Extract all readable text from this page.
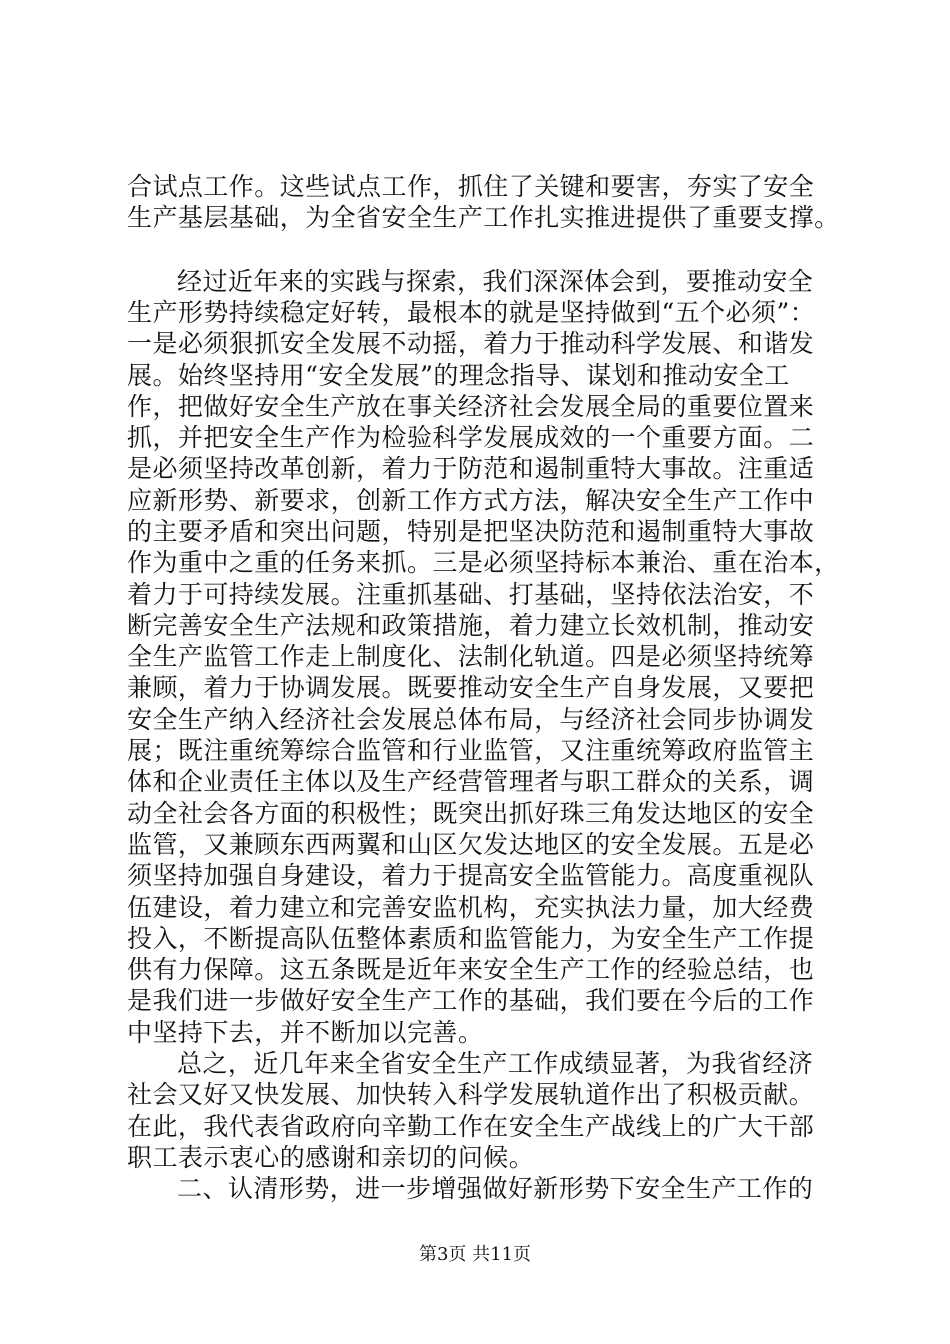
合试点工作。这些试点工作，抓住了关键和要害，夯实了安全
生产基层基础，为全省安全生产工作扎实推进提供了重要支撑。
经过近年来的实践与探索，我们深深体会到，要推动安全
生产形势持续稳定好转，最根本的就是坚持做到“五个必须”：
一是必须狠抓安全发展不动摇，着力于推动科学发展、和谐发
展。始终坚持用“安全发展”的理念指导、谋划和推动安全工
作，把做好安全生产放在事关经济社会发展全局的重要位置来
抓，并把安全生产作为检验科学发展成效的一个重要方面。二
是必须坚持改革创新，着力于防范和遏制重特大事故。注重适
应新形势、新要求，创新工作方式方法，解决安全生产工作中
的主要矛盾和突出问题，特别是把坚决防范和遏制重特大事故
作为重中之重的任务来抓。三是必须坚持标本兼治、重在治本，
着力于可持续发展。注重抓基础、打基础，坚持依法治安，不
断完善安全生产法规和政策措施，着力建立长效机制，推动安
全生产监管工作走上制度化、法制化轨道。四是必须坚持统筹
兼顾，着力于协调发展。既要推动安全生产自身发展，又要把
安全生产纳入经济社会发展总体布局，与经济社会同步协调发
展；既注重统筹综合监管和行业监管，又注重统筹政府监管主
体和企业责任主体以及生产经营管理者与职工群众的关系，调
动全社会各方面的积极性；既突出抓好珠三角发达地区的安全
监管，又兼顾东西两翼和山区欠发达地区的安全发展。五是必
须坚持加强自身建设，着力于提高安全监管能力。高度重视队
伍建设，着力建立和完善安监机构，充实执法力量，加大经费
投入，不断提高队伍整体素质和监管能力，为安全生产工作提
供有力保障。这五条既是近年来安全生产工作的经验总结，也
是我们进一步做好安全生产工作的基础，我们要在今后的工作
中坚持下去，并不断加以完善。
总之，近几年来全省安全生产工作成绩显著，为我省经济
社会又好又快发展、加快转入科学发展轨道作出了积极贡献。
在此，我代表省政府向辛勤工作在安全生产战线上的广大干部
职工表示衷心的感谢和亲切的问候。
第3页 共11页
二、认清形势，进一步增强做好新形势下安全生产工作的
